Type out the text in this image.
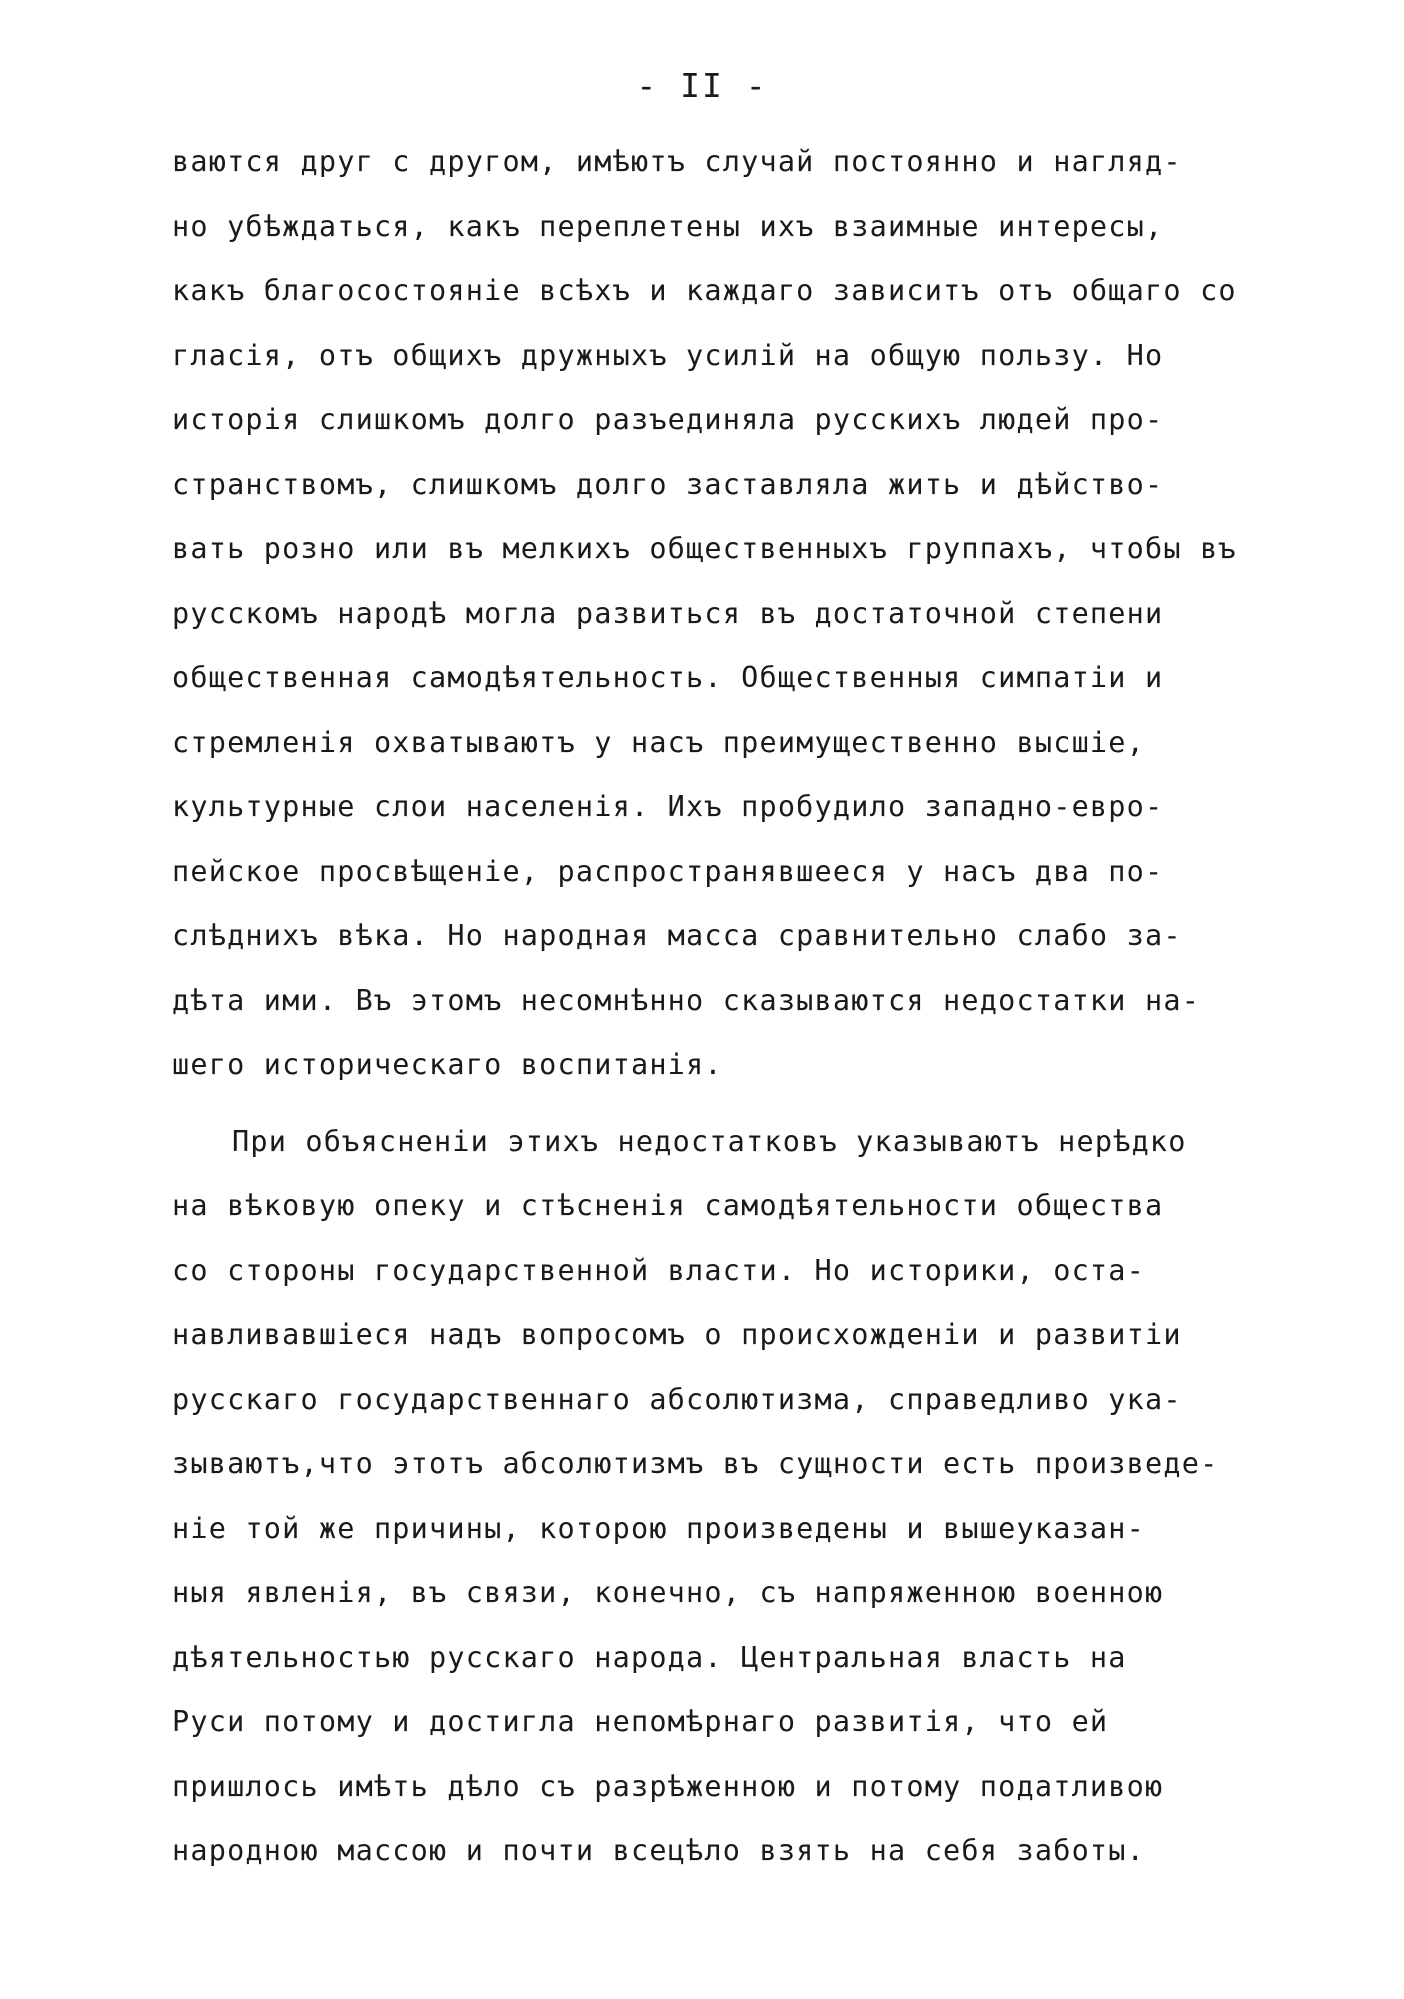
- II -
ваются друг с другом, имѣютъ случай постоянно и нагляд-
но убѣждаться, какъ переплетены ихъ взаимные интересы,
какъ благосостоянiе всѣхъ и каждаго зависитъ отъ общаго со
гласiя, отъ общихъ дружныхъ усилiй на общую пользу. Но
исторiя слишкомъ долго разъединяла русскихъ людей про-
странствомъ, слишкомъ долго заставляла жить и дѣйство-
вать розно или въ мелкихъ общественныхъ группахъ, чтобы въ
русскомъ народѣ могла развиться въ достаточной степени
общественная самодѣятельность. Общественныя симпатiи и
стремленiя охватываютъ у насъ преимущественно высшiе,
культурные слои населенiя. Ихъ пробудило западно-евро-
пейское просвѣщенiе, распространявшееся у насъ два по-
слѣднихъ вѣка. Но народная масса сравнительно слабо за-
дѣта ими. Въ этомъ несомнѣнно сказываются недостатки на-
шего историческаго воспитанiя.
При объясненiи этихъ недостатковъ указываютъ нерѣдко
на вѣковую опеку и стѣсненiя самодѣятельности общества
со стороны государственной власти. Но историки, оста-
навливавшiеся надъ вопросомъ о происхожденiи и развитiи
русскаго государственнаго абсолютизма, справедливо ука-
зываютъ,что этотъ абсолютизмъ въ сущности есть произведе-
нiе той же причины, которою произведены и вышеуказан-
ныя явленiя, въ связи, конечно, съ напряженною военною
дѣятельностью русскаго народа. Центральная власть на
Руси потому и достигла непомѣрнаго развитiя, что ей
пришлось имѣть дѣло съ разрѣженною и потому податливою
народною массою и почти всецѣло взять на себя заботы.
